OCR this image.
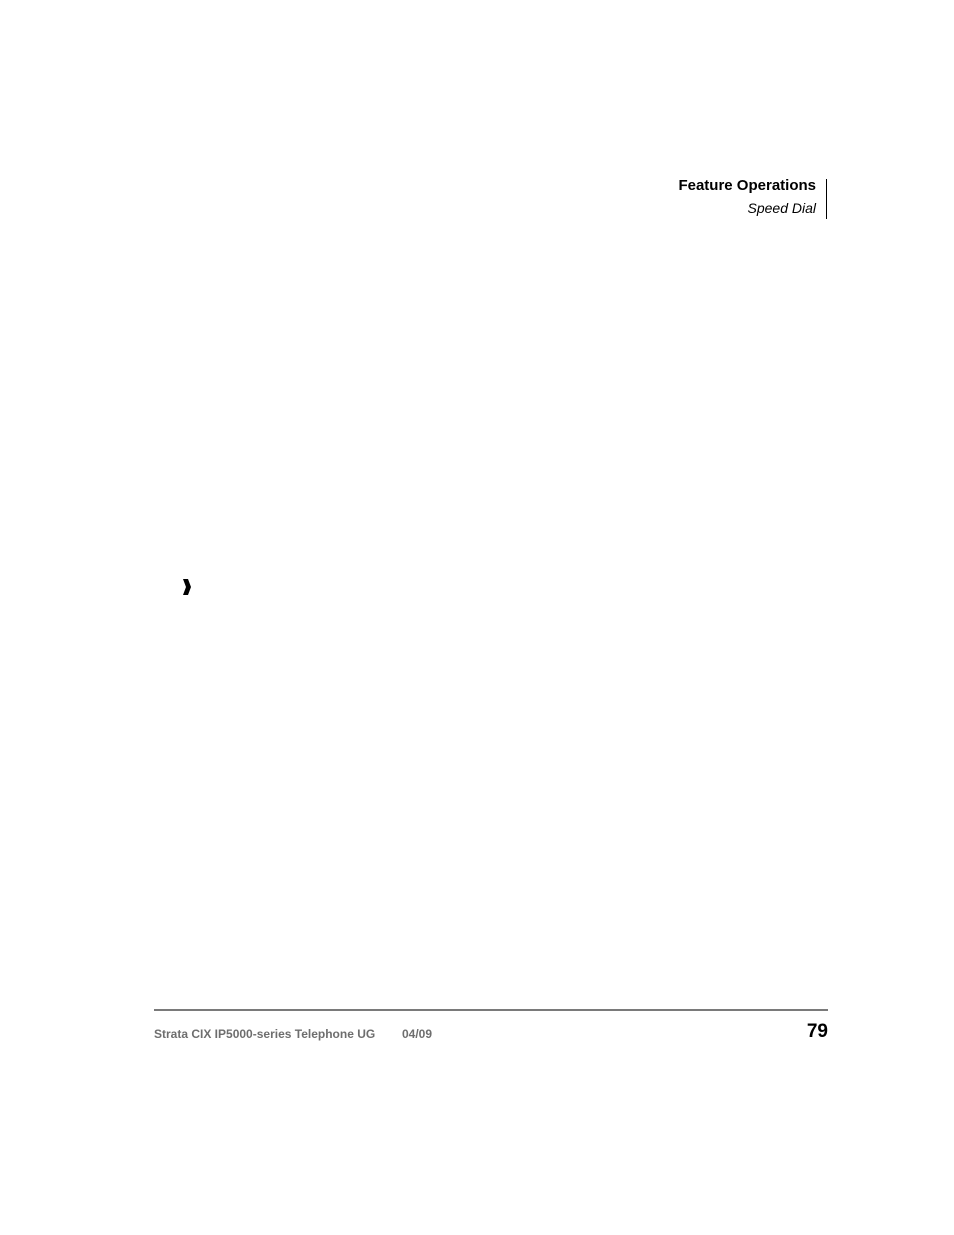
Feature Operations
Speed Dial
Strata CIX IP5000-series Telephone UG 04/09	79
